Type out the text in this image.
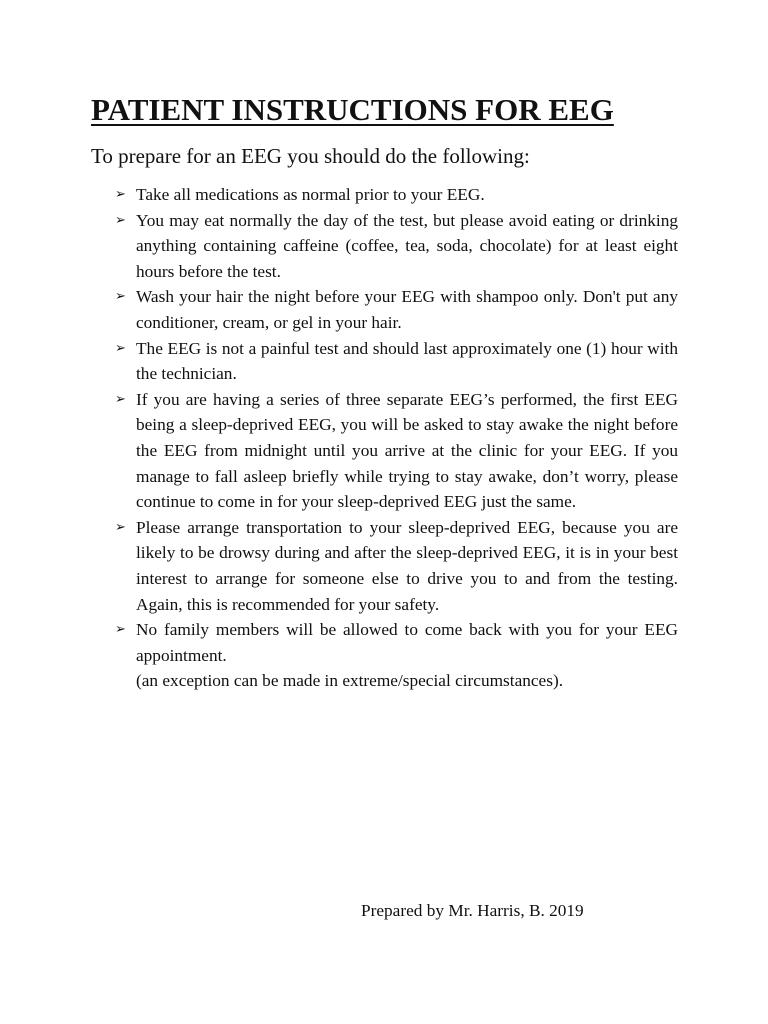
PATIENT INSTRUCTIONS FOR EEG

To prepare for an EEG you should do the following:

➢ Take all medications as normal prior to your EEG.
➢ You may eat normally the day of the test, but please avoid eating or drinking anything containing caffeine (coffee, tea, soda, chocolate) for at least eight hours before the test.
➢ Wash your hair the night before your EEG with shampoo only. Don't put any conditioner, cream, or gel in your hair.
➢ The EEG is not a painful test and should last approximately one (1) hour with the technician.
➢ If you are having a series of three separate EEG’s performed, the first EEG being a sleep-deprived EEG, you will be asked to stay awake the night before the EEG from midnight until you arrive at the clinic for your EEG. If you manage to fall asleep briefly while trying to stay awake, don’t worry, please continue to come in for your sleep-deprived EEG just the same.
➢ Please arrange transportation to your sleep-deprived EEG, because you are likely to be drowsy during and after the sleep-deprived EEG, it is in your best interest to arrange for someone else to drive you to and from the testing. Again, this is recommended for your safety.
➢ No family members will be allowed to come back with you for your EEG appointment.
(an exception can be made in extreme/special circumstances).

Prepared by Mr. Harris, B. 2019
